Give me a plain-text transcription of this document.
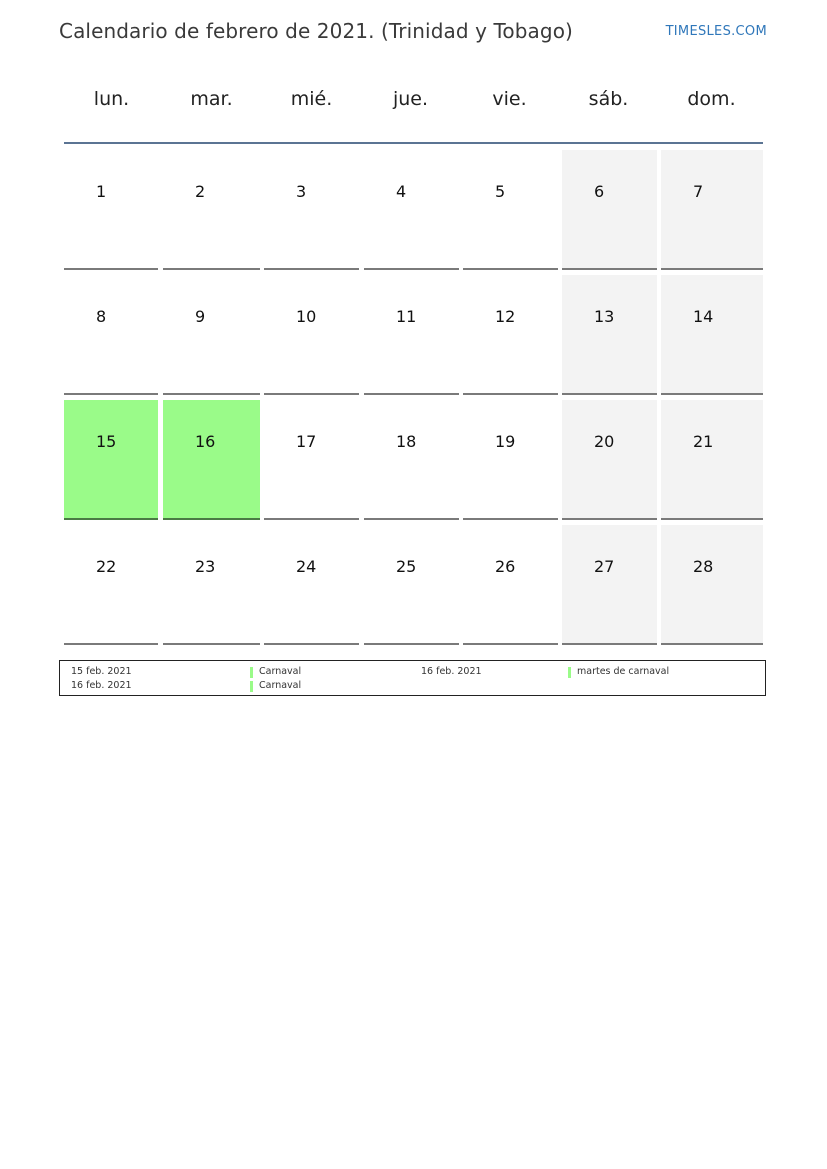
Calendario de febrero de 2021. (Trinidad y Tobago)	TIMESLES.COM
lun.	mar.	mié.	jue.	vie.	sáb.	dom.
1	2	3	4	5	6	7
8	9	10	11	12	13	14
15	16	17	18	19	20	21
22	23	24	25	26	27	28
15 feb. 2021	Carnaval	16 feb. 2021	martes de carnaval
16 feb. 2021	Carnaval
